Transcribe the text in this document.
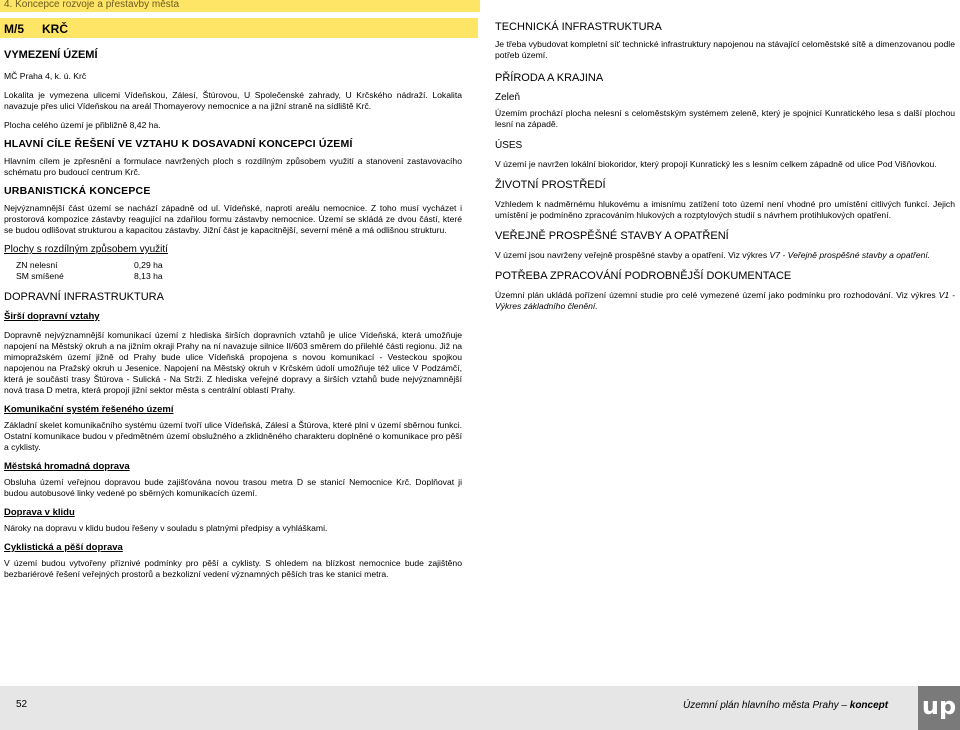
4. Koncepce rozvoje a přestavby města
M/5 KRČ
VYMEZENÍ ÚZEMÍ
MČ Praha 4, k. ú. Krč
Lokalita je vymezena ulicemi Vídeňskou, Zálesí, Štúrovou, U Společenské zahrady, U Krčského nádraží. Lokalita navazuje přes ulici Vídeňskou na areál Thomayerovy nemocnice a na jižní straně na sídliště Krč.
Plocha celého území je přibližně 8,42 ha.
HLAVNÍ CÍLE ŘEŠENÍ VE VZTAHU K DOSAVADNÍ KONCEPCI ÚZEMÍ
Hlavním cílem je zpřesnění a formulace navržených ploch s rozdílným způsobem využití a stanovení zastavovacího schématu pro budoucí centrum Krč.
URBANISTICKÁ KONCEPCE
Nejvýznamnější část území se nachází západně od ul. Vídeňské, naproti areálu nemocnice. Z toho musí vycházet i prostorová kompozice zástavby reagující na zdařilou formu zástavby nemocnice. Území se skládá ze dvou částí, které se budou odlišovat strukturou a kapacitou zástavby. Jižní část je kapacitnější, severní méně a má odlišnou strukturu.
Plochy s rozdílným způsobem využití
ZN nelesní	0,29 ha
SM smíšené	8,13 ha
DOPRAVNÍ INFRASTRUKTURA
Širší dopravní vztahy
Dopravně nejvýznamnější komunikací území z hlediska širších dopravních vztahů je ulice Vídeňská, která umožňuje napojení na Městský okruh a na jižním okraji Prahy na ní navazuje silnice II/603 směrem do přilehlé části regionu. Již na mimopražském území jižně od Prahy bude ulice Vídeňská propojena s novou komunikací - Vesteckou spojkou napojenou na Pražský okruh u Jesenice. Napojení na Městský okruh v Krčském údolí umožňuje též ulice V Podzámčí, která je součástí trasy Štúrova - Sulická - Na Strži. Z hlediska veřejné dopravy a širších vztahů bude nejvýznamnější nová trasa D metra, která propojí jižní sektor města s centrální oblastí Prahy.
Komunikační systém řešeného území
Základní skelet komunikačního systému území tvoří ulice Vídeňská, Zálesí a Štúrova, které plní v území sběrnou funkci. Ostatní komunikace budou v předmětném území obslužného a zklidněného charakteru doplněné o komunikace pro pěší a cyklisty.
Městská hromadná doprava
Obsluha území veřejnou dopravou bude zajišťována novou trasou metra D se stanicí Nemocnice Krč. Doplňovat ji budou autobusové linky vedené po sběrných komunikacích území.
Doprava v klidu
Nároky na dopravu v klidu budou řešeny v souladu s platnými předpisy a vyhláškami.
Cyklistická a pěší doprava
V území budou vytvořeny příznivé podmínky pro pěší a cyklisty. S ohledem na blízkost nemocnice bude zajištěno bezbariérové řešení veřejných prostorů a bezkolizní vedení významných pěších tras ke stanici metra.
TECHNICKÁ INFRASTRUKTURA
Je třeba vybudovat kompletní síť technické infrastruktury napojenou na stávající celoměstské sítě a dimenzovanou podle potřeb území.
PŘÍRODA A KRAJINA
Zeleň
Územím prochází plocha nelesní s celoměstským systémem zeleně, který je spojnicí Kunratického lesa s další plochou lesní na západě.
ÚSES
V území je navržen lokální biokoridor, který propojí Kunratický les s lesním celkem západně od ulice Pod Višňovkou.
ŽIVOTNÍ PROSTŘEDÍ
Vzhledem k nadměrnému hlukovému a imisnímu zatížení toto území není vhodné pro umístění citlivých funkcí. Jejich umístění je podmíněno zpracováním hlukových a rozptylových studií s návrhem protihlukových opatření.
VEŘEJNĚ PROSPĚŠNÉ STAVBY A OPATŘENÍ
V území jsou navrženy veřejně prospěšné stavby a opatření. Viz výkres V7 - Veřejně prospěšné stavby a opatření.
POTŘEBA ZPRACOVÁNÍ PODROBNĚJŠÍ DOKUMENTACE
Územní plán ukládá pořízení územní studie pro celé vymezené území jako podmínku pro rozhodování. Viz výkres V1 - Výkres základního členění.
52	Územní plán hlavního města Prahy – koncept up
